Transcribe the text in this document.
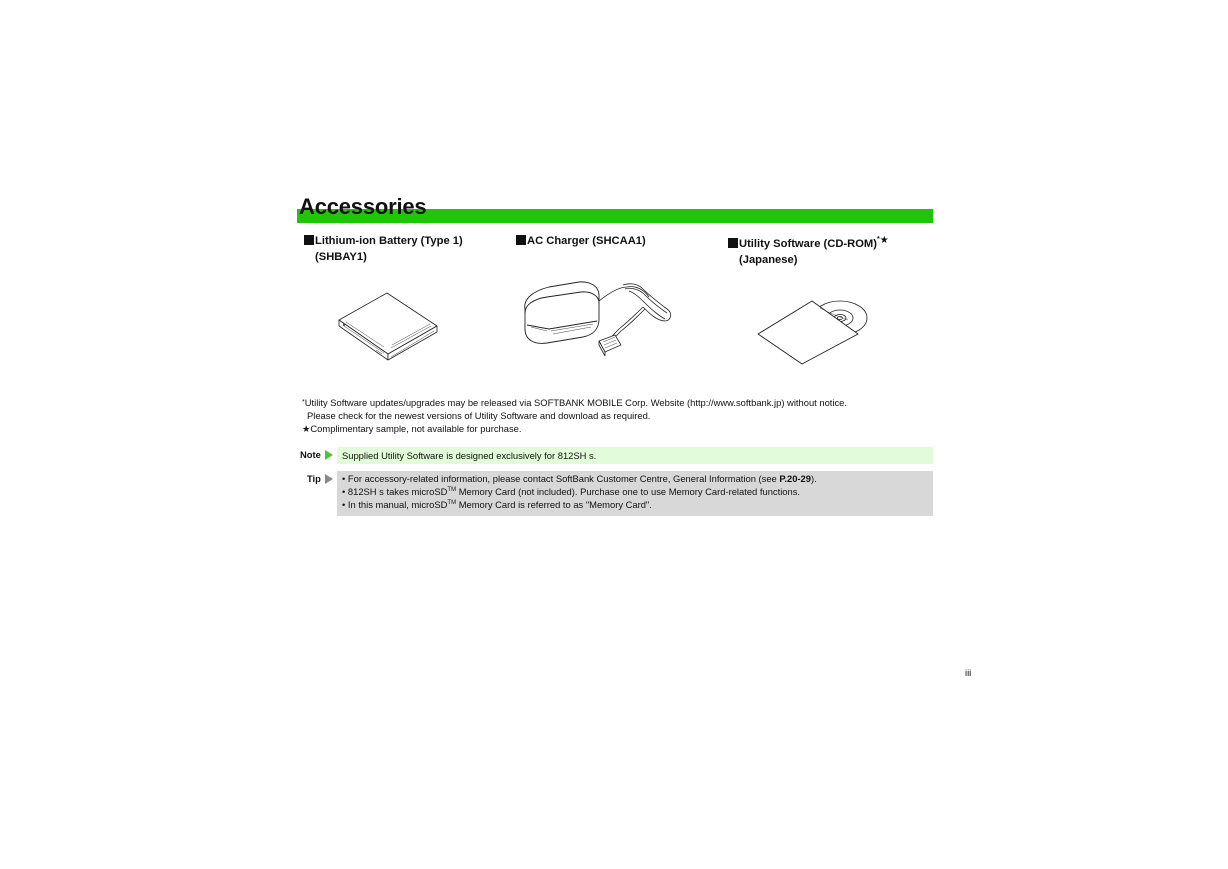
Accessories
Lithium-ion Battery (Type 1)
(SHBAY1)
AC Charger (SHCAA1)	Utility Software (CD-ROM)*★
(Japanese)
*Utility Software updates/upgrades may be released via SOFTBANK MOBILE Corp. Website (http://www.softbank.jp) without notice.
Please check for the newest versions of Utility Software and download as required.
★Complimentary sample, not available for purchase.
Note	Supplied Utility Software is designed exclusively for 812SH s.
Tip • For accessory-related information, please contact SoftBank Customer Centre, General Information (see P.20-29).
• 812SH s takes microSD™ Memory Card (not included). Purchase one to use Memory Card-related functions.
• In this manual, microSD™ Memory Card is referred to as "Memory Card".
iii
